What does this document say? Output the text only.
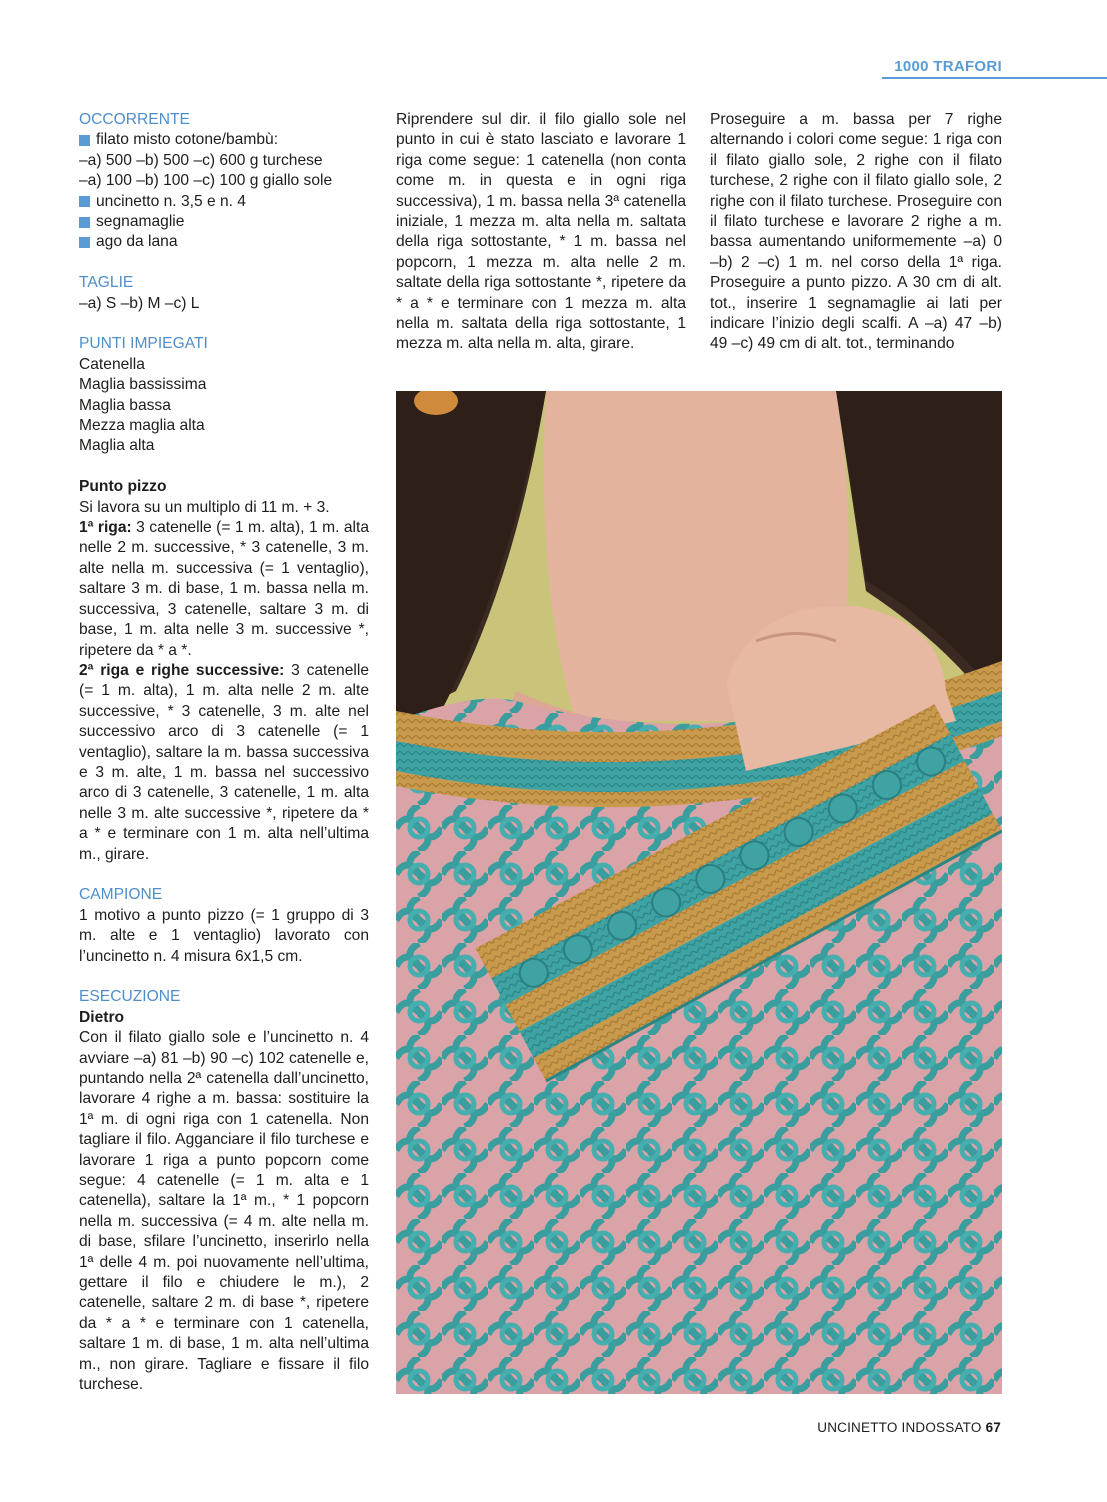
1000 TRAFORI
OCCORRENTE
filato misto cotone/bambù:
–a) 500 –b) 500 –c) 600 g turchese
–a) 100 –b) 100 –c) 100 g giallo sole
uncinetto n. 3,5 e n. 4
segnamaglie
ago da lana
TAGLIE
–a) S –b) M –c) L
PUNTI IMPIEGATI
Catenella
Maglia bassissima
Maglia bassa
Mezza maglia alta
Maglia alta
Punto pizzo
Si lavora su un multiplo di 11 m. + 3.

1ª riga: 3 catenelle (= 1 m. alta), 1 m. alta nelle 2 m. successive, * 3 catenelle, 3 m. alte nella m. successiva (= 1 ventaglio), saltare 3 m. di base, 1 m. bassa nella m. successiva, 3 catenelle, saltare 3 m. di base, 1 m. alta nelle 3 m. successive *, ripetere da * a *.

2ª riga e righe successive: 3 catenelle (= 1 m. alta), 1 m. alta nelle 2 m. alte successive, * 3 catenelle, 3 m. alte nel successivo arco di 3 catenelle (= 1 ventaglio), saltare la m. bassa successiva e 3 m. alte, 1 m. bassa nel successivo arco di 3 catenelle, 3 catenelle, 1 m. alta nelle 3 m. alte successive *, ripetere da * a * e terminare con 1 m. alta nell’ultima m., girare.

CAMPIONE

1 motivo a punto pizzo (= 1 gruppo di 3 m. alte e 1 ventaglio) lavorato con l’uncinetto n. 4 misura 6x1,5 cm.

ESECUZIONE
Dietro

Con il filato giallo sole e l’uncinetto n. 4 avviare –a) 81 –b) 90 –c) 102 catenelle e, puntando nella 2ª catenella dall’uncinetto, lavorare 4 righe a m. bassa: sostituire la 1ª m. di ogni riga con 1 catenella. Non tagliare il filo. Agganciare il filo turchese e lavorare 1 riga a punto popcorn come segue: 4 catenelle (= 1 m. alta e 1 catenella), saltare la 1ª m., * 1 popcorn nella m. successiva (= 4 m. alte nella m. di base, sfilare l’uncinetto, inserirlo nella 1ª delle 4 m. poi nuovamente nell’ultima, gettare il filo e chiudere le m.), 2 catenelle, saltare 2 m. di base *, ripetere da * a * e terminare con 1 catenella, saltare 1 m. di base, 1 m. alta nell’ultima m., non girare. Tagliare e fissare il filo turchese.

Riprendere sul dir. il filo giallo sole nel punto in cui è stato lasciato e lavorare 1 riga come segue: 1 catenella (non conta come m. in questa e in ogni riga successiva), 1 m. bassa nella 3ª catenella iniziale, 1 mezza m. alta nella m. saltata della riga sottostante, * 1 m. bassa nel popcorn, 1 mezza m. alta nelle 2 m. saltate della riga sottostante *, ripetere da * a * e terminare con 1 mezza m. alta nella m. saltata della riga sottostante, 1 mezza m. alta nella m. alta, girare.

Proseguire a m. bassa per 7 righe alternando i colori come segue: 1 riga con il filato giallo sole, 2 righe con il filato turchese, 2 righe con il filato giallo sole, 2 righe con il filato turchese. Proseguire con il filato turchese e lavorare 2 righe a m. bassa aumentando uniformemente –a) 0 –b) 2 –c) 1 m. nel corso della 1ª riga. Proseguire a punto pizzo. A 30 cm di alt. tot., inserire 1 segnamaglie ai lati per indicare l’inizio degli scalfi. A –a) 47 –b) 49 –c) 49 cm di alt. tot., terminando

UNCINETTO INDOSSATO 67
